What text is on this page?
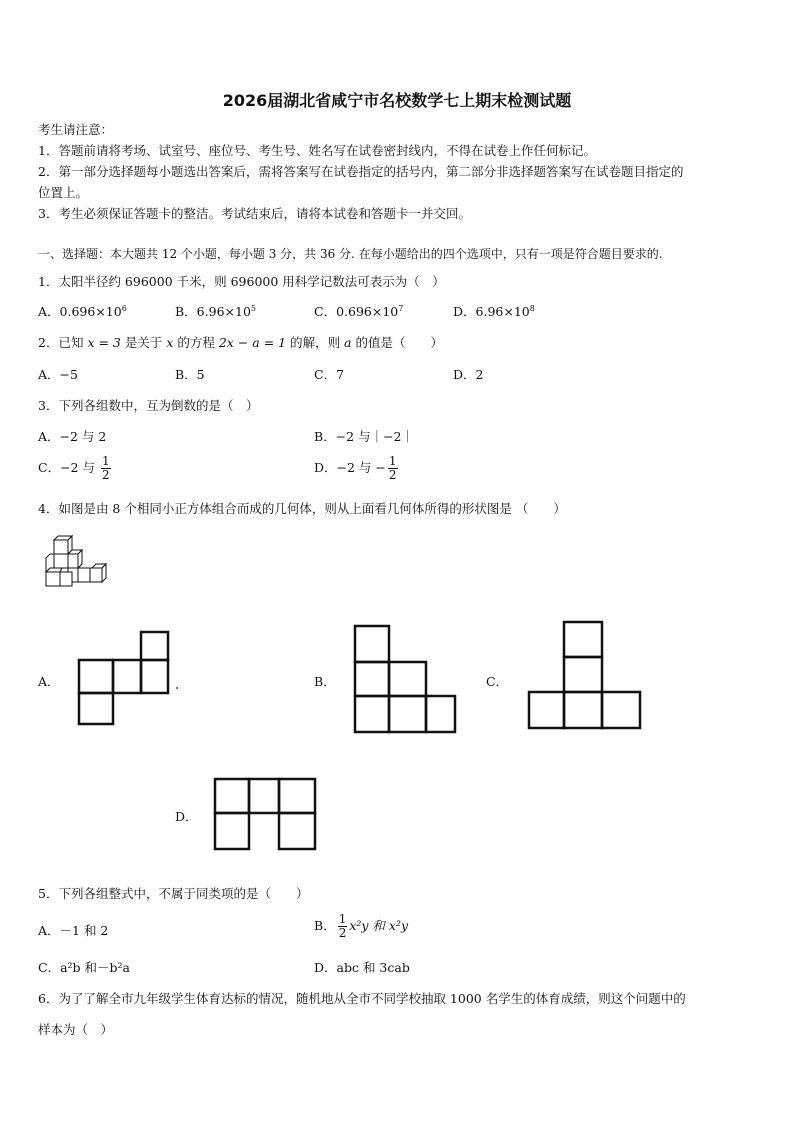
2026届湖北省咸宁市名校数学七上期末检测试题
考生请注意：
1．答题前请将考场、试室号、座位号、考生号、姓名写在试卷密封线内，不得在试卷上作任何标记。
2．第一部分选择题每小题选出答案后，需将答案写在试卷指定的括号内，第二部分非选择题答案写在试卷题目指定的
位置上。
3．考生必须保证答题卡的整洁。考试结束后，请将本试卷和答题卡一并交回。
一、选择题：本大题共 12 个小题，每小题 3 分，共 36 分. 在每小题给出的四个选项中，只有一项是符合题目要求的.
1．太阳半径约 696000 千米，则 696000 用科学记数法可表示为（　）
A．$0.696\times 10^6$	B．$6.96\times 10^5$	C．$0.696\times 10^7$	D．$6.96\times 10^8$
2．已知 x = 3 是关于 x 的方程 2x − a = 1 的解，则 a 的值是（　　）
A．−5	B．5	C．7	D．2
3．下列各组数中，互为倒数的是（　）
A．−2 与 2	B．−2 与｜−2｜
C．−2 与 $\frac{1}{2}$	D．−2 与 − $\frac{1}{2}$
4．如图是由 8 个相同小正方体组合而成的几何体，则从上面看几何体所得的形状图是 （　　）
A．	B．	C．
D．
5．下列各组整式中，不属于同类项的是（　　）
A．－1 和 2	B． $\frac{1}{2} x^2y$ 和 x²y
C．a²b 和－b²a	D．abc 和 3cab
6．为了了解全市九年级学生体育达标的情况，随机地从全市不同学校抽取 1000 名学生的体育成绩，则这个问题中的
样本为（　）
